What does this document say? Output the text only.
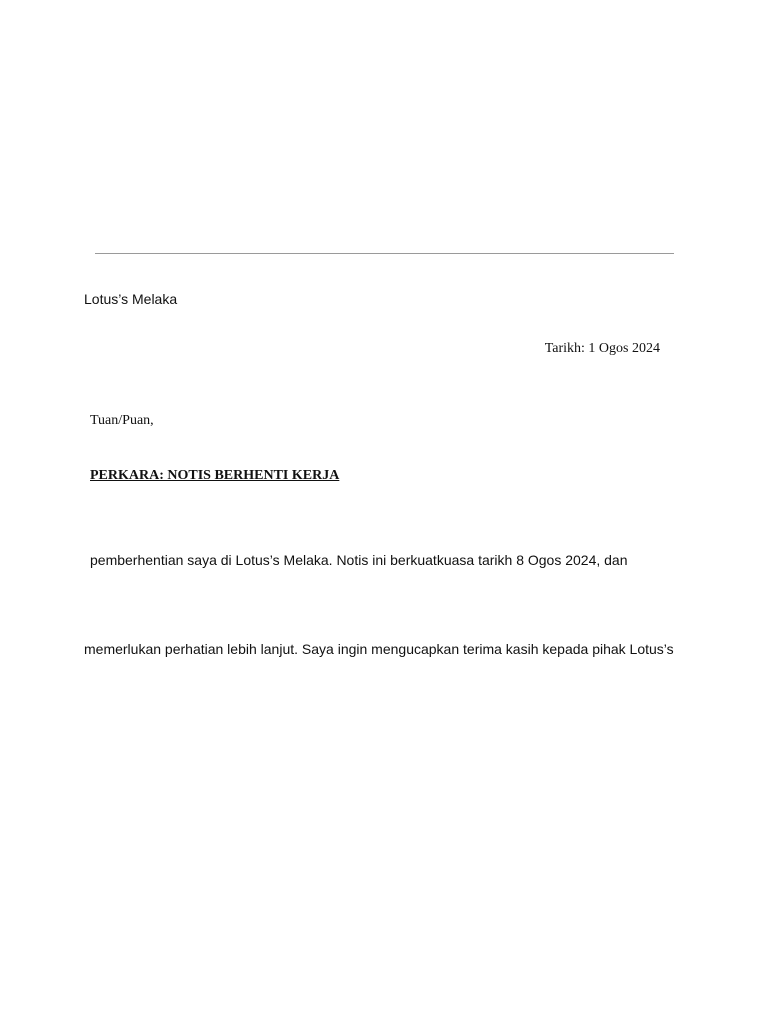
Lotus’s Melaka
Tarikh: 1 Ogos 2024
Tuan/Puan,
PERKARA: NOTIS BERHENTI KERJA
pemberhentian saya di Lotus’s Melaka. Notis ini berkuatkuasa tarikh 8 Ogos 2024, dan
memerlukan perhatian lebih lanjut. Saya ingin mengucapkan terima kasih kepada pihak Lotus’s
